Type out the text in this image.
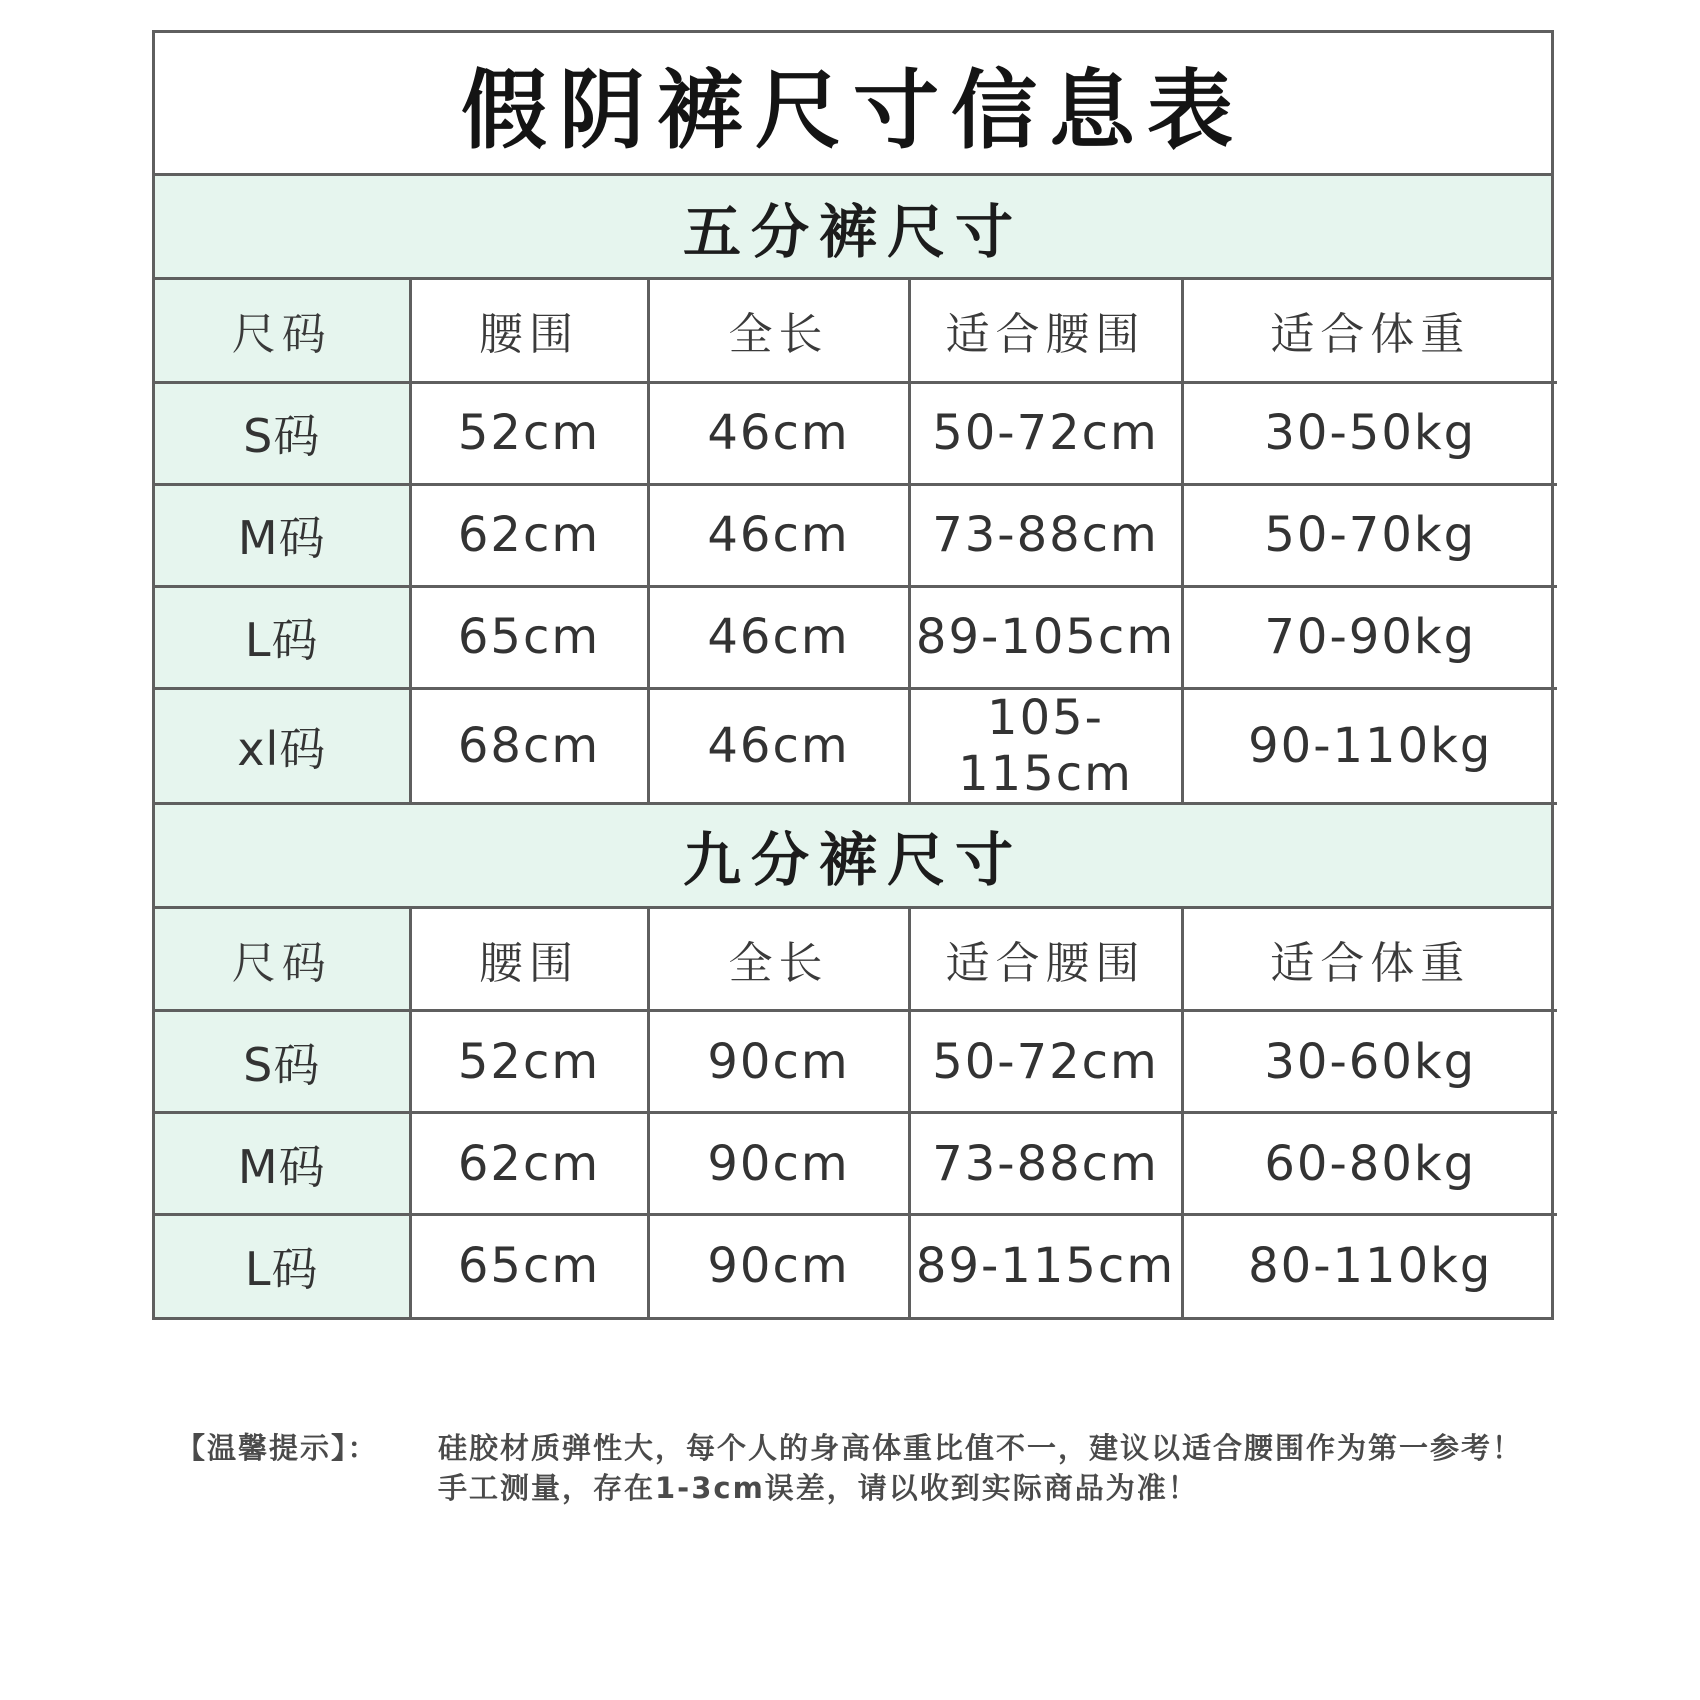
假阴裤尺寸信息表
五分裤尺寸
尺码	腰围	全长	适合腰围	适合体重
S码	52cm	46cm	50-72cm	30-50kg
M码	62cm	46cm	73-88cm	50-70kg
L码	65cm	46cm	89-105cm	70-90kg
xl码	68cm	46cm	105-115cm	90-110kg
九分裤尺寸
尺码	腰围	全长	适合腰围	适合体重
S码	52cm	90cm	50-72cm	30-60kg
M码	62cm	90cm	73-88cm	60-80kg
L码	65cm	90cm	89-115cm	80-110kg
【温馨提示】：	硅胶材质弹性大，每个人的身高体重比值不一，建议以适合腰围作为第一参考！
手工测量，存在1-3cm误差，请以收到实际商品为准！
